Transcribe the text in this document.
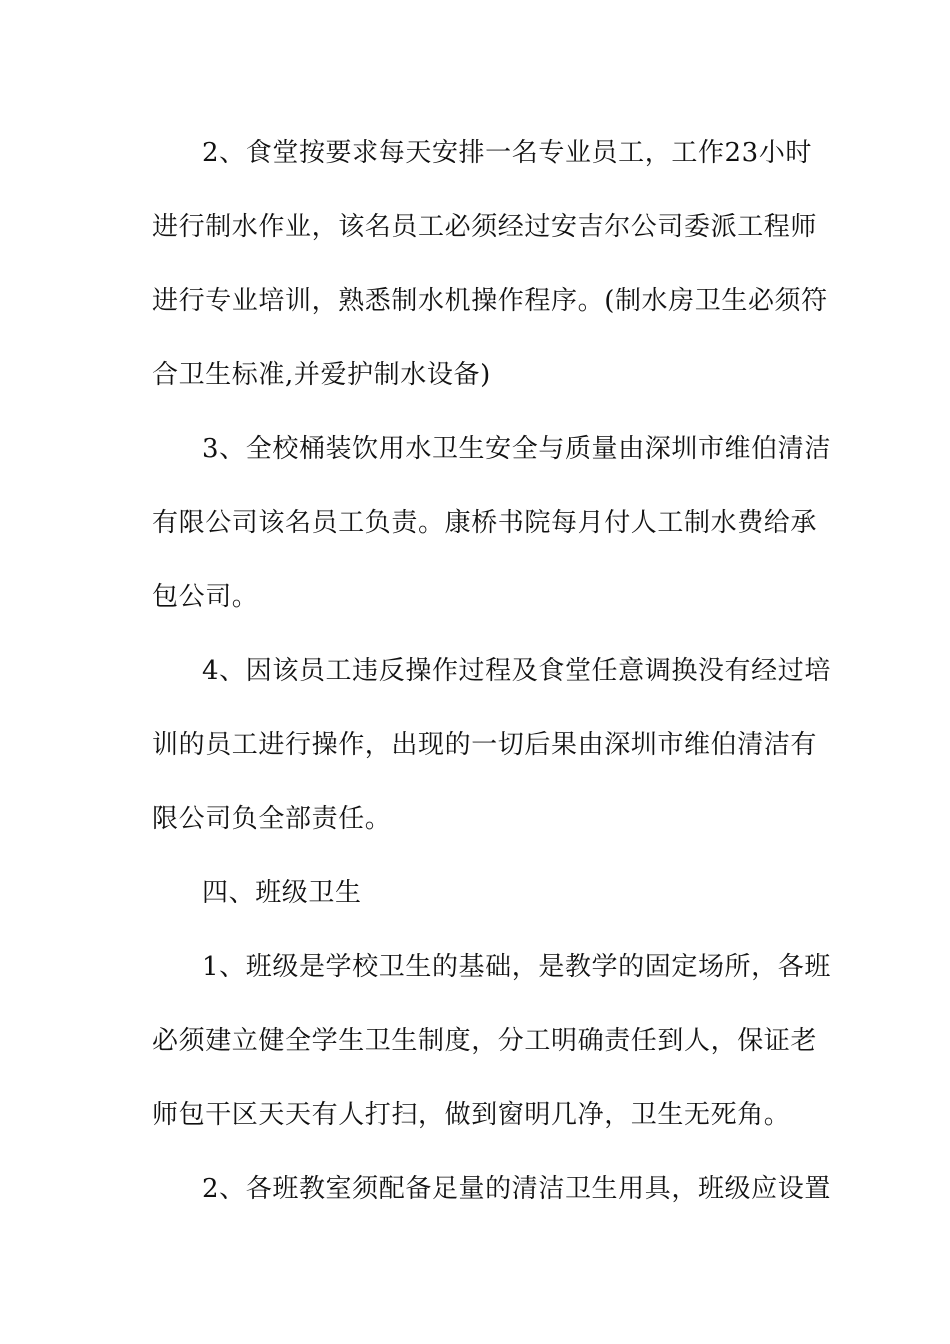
2、食堂按要求每天安排一名专业员工，工作23小时
进行制水作业，该名员工必须经过安吉尔公司委派工程师
进行专业培训，熟悉制水机操作程序。(制水房卫生必须符
合卫生标准,并爱护制水设备)
3、全校桶装饮用水卫生安全与质量由深圳市维伯清洁
有限公司该名员工负责。康桥书院每月付人工制水费给承
包公司。
4、因该员工违反操作过程及食堂任意调换没有经过培
训的员工进行操作，出现的一切后果由深圳市维伯清洁有
限公司负全部责任。
四、班级卫生
1、班级是学校卫生的基础，是教学的固定场所，各班
必须建立健全学生卫生制度，分工明确责任到人，保证老
师包干区天天有人打扫，做到窗明几净，卫生无死角。
2、各班教室须配备足量的清洁卫生用具，班级应设置
